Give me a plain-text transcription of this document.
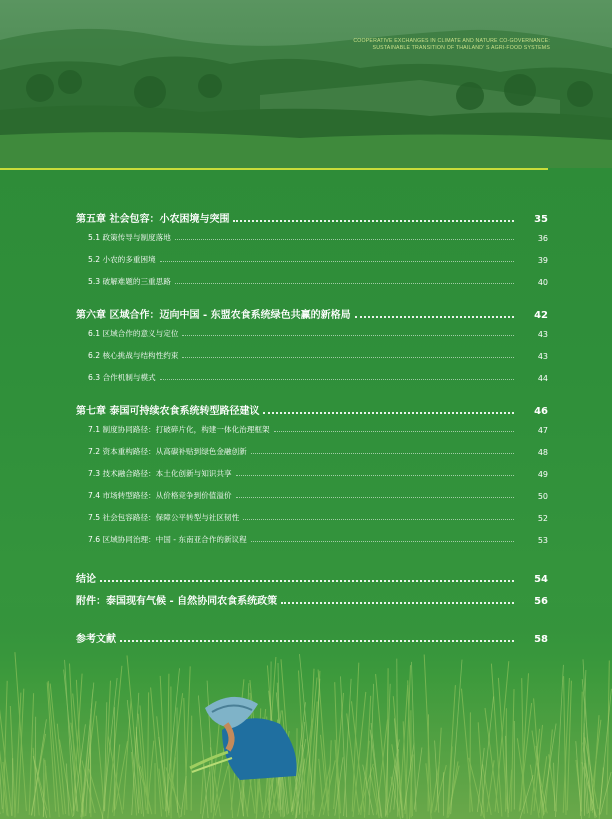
COOPERATIVE EXCHANGES IN CLIMATE AND NATURE CO-GOVERNANCE:
SUSTAINABLE TRANSITION OF THAILAND' S AGRI-FOOD SYSTEMS
第五章 社会包容：小农困境与突围	35
5.1 政策传导与制度落地	36
5.2 小农的多重困境	39
5.3 破解难题的三重思路	40
第六章 区域合作：迈向中国 - 东盟农食系统绿色共赢的新格局	42
6.1 区域合作的意义与定位	43
6.2 核心挑战与结构性约束	43
6.3 合作机制与模式	44
第七章 泰国可持续农食系统转型路径建议	46
7.1 制度协同路径：打破碎片化，构建一体化治理框架	47
7.2 资本重构路径：从高碳补贴到绿色金融创新	48
7.3 技术融合路径：本土化创新与知识共享	49
7.4 市场转型路径：从价格竞争到价值溢价	50
7.5 社会包容路径：保障公平转型与社区韧性	52
7.6 区域协同治理：中国 - 东南亚合作的新议程	53
结论	54
附件：泰国现有气候 - 自然协同农食系统政策	56
参考文献	58
